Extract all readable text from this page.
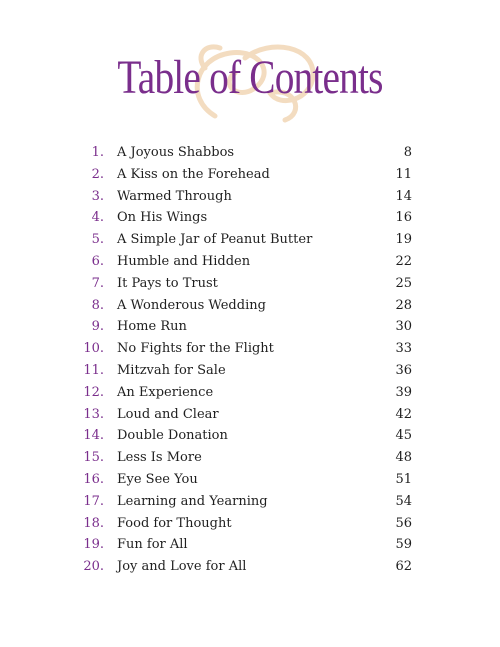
Table of Contents
1. A Joyous Shabbos	8
2. A Kiss on the Forehead	11
3. Warmed Through	14
4. On His Wings	16
5. A Simple Jar of Peanut Butter	19
6. Humble and Hidden	22
7. It Pays to Trust	25
8. A Wonderous Wedding	28
9. Home Run	30
10. No Fights for the Flight	33
11. Mitzvah for Sale	36
12. An Experience	39
13. Loud and Clear	42
14. Double Donation	45
15. Less Is More	48
16. Eye See You	51
17. Learning and Yearning	54
18. Food for Thought	56
19. Fun for All	59
20. Joy and Love for All	62
